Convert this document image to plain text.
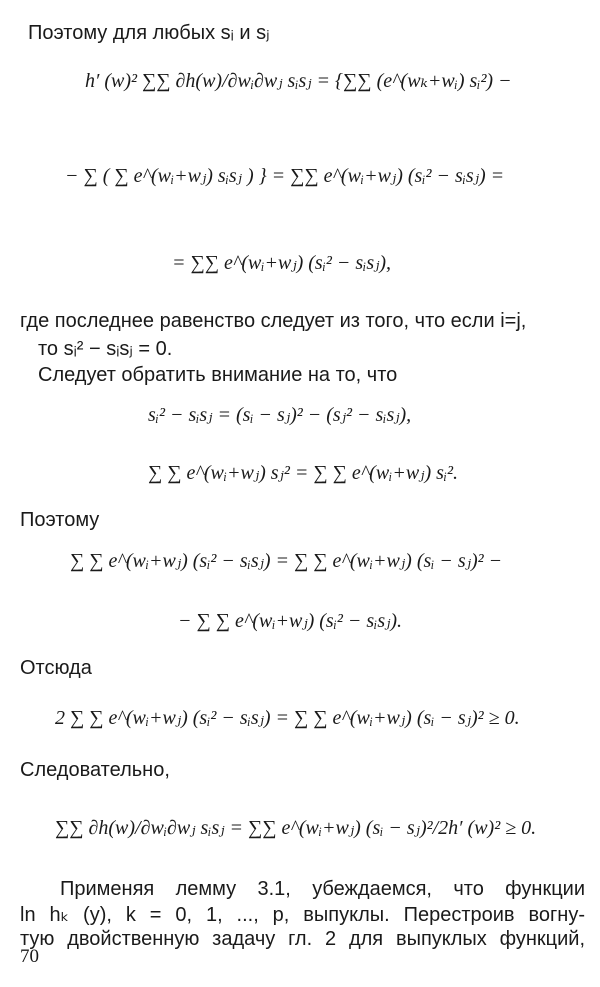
Поэтому для любых sᵢ и sⱼ
h′ (w)² ∑∑ ∂h(w)/∂wᵢ∂wⱼ sᵢsⱼ = {∑∑ (e^(wₖ+wᵢ) sᵢ²) −
− ∑ ( ∑ e^(wᵢ+wⱼ) sᵢsⱼ ) } = ∑∑ e^(wᵢ+wⱼ) (sᵢ² − sᵢsⱼ) =
= ∑∑ e^(wᵢ+wⱼ) (sᵢ² − sᵢsⱼ),
где последнее равенство следует из того, что если i=j,
то sᵢ² − sᵢsⱼ = 0.
Следует обратить внимание на то, что
sᵢ² − sᵢsⱼ = (sᵢ − sⱼ)² − (sⱼ² − sᵢsⱼ),
∑ ∑ e^(wᵢ+wⱼ) sⱼ² = ∑ ∑ e^(wᵢ+wⱼ) sᵢ².
Поэтому
∑ ∑ e^(wᵢ+wⱼ) (sᵢ² − sᵢsⱼ) = ∑ ∑ e^(wᵢ+wⱼ) (sᵢ − sⱼ)² −
− ∑ ∑ e^(wᵢ+wⱼ) (sᵢ² − sᵢsⱼ).
Отсюда
2 ∑ ∑ e^(wᵢ+wⱼ) (sᵢ² − sᵢsⱼ) = ∑ ∑ e^(wᵢ+wⱼ) (sᵢ − sⱼ)² ≥ 0.
Следовательно,
∑∑ ∂h(w)/∂wᵢ∂wⱼ sᵢsⱼ = ∑∑ e^(wᵢ+wⱼ) (sᵢ − sⱼ)²/2h′ (w)² ≥ 0.
Применяя лемму 3.1, убеждаемся, что функции
ln hₖ (y), k = 0, 1, ..., p, выпуклы. Перестроив вогну-
тую двойственную задачу гл. 2 для выпуклых функций,
70
